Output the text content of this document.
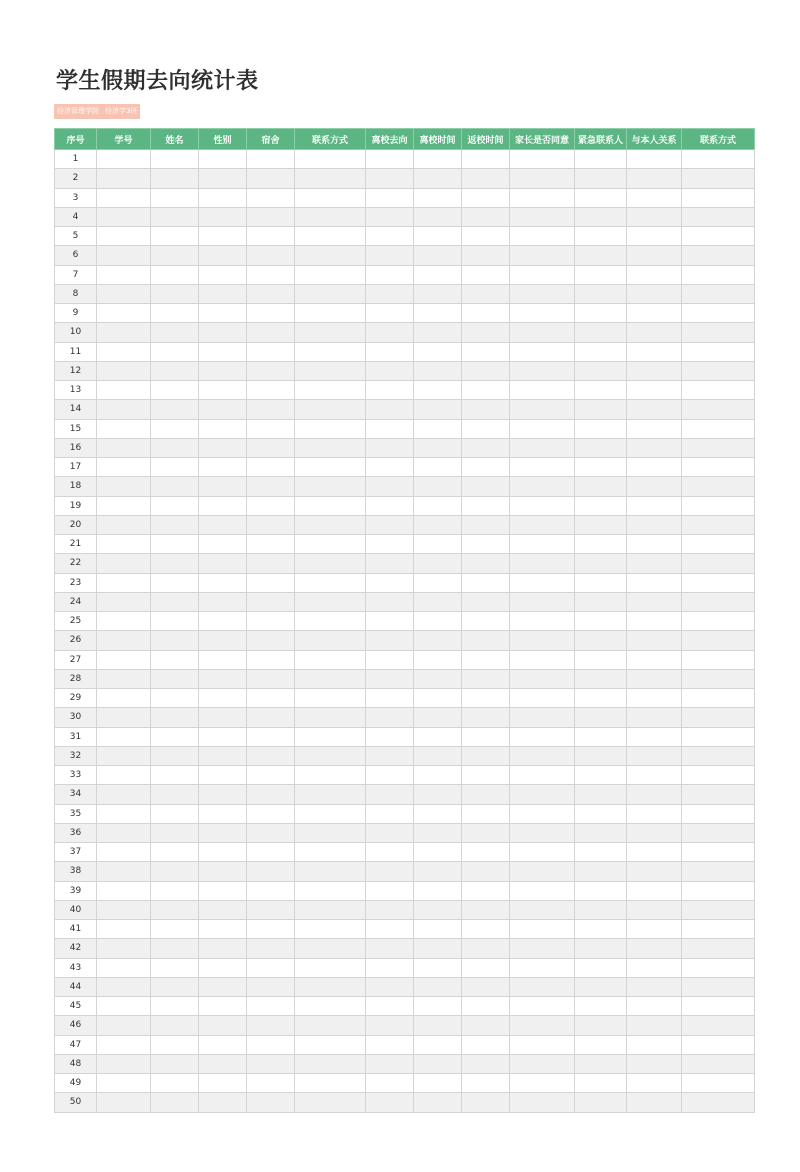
学生假期去向统计表
经济管理学院 经济学3班
序号	学号	姓名	性别	宿舍	联系方式	离校去向	离校时间	返校时间	家长是否同意	紧急联系人	与本人关系	联系方式
1												
2												
3												
4												
5												
6												
7												
8												
9												
10												
11												
12												
13												
14												
15												
16												
17												
18												
19												
20												
21												
22												
23												
24												
25												
26												
27												
28												
29												
30												
31												
32												
33												
34												
35												
36												
37												
38												
39												
40												
41												
42												
43												
44												
45												
46												
47												
48												
49												
50												
